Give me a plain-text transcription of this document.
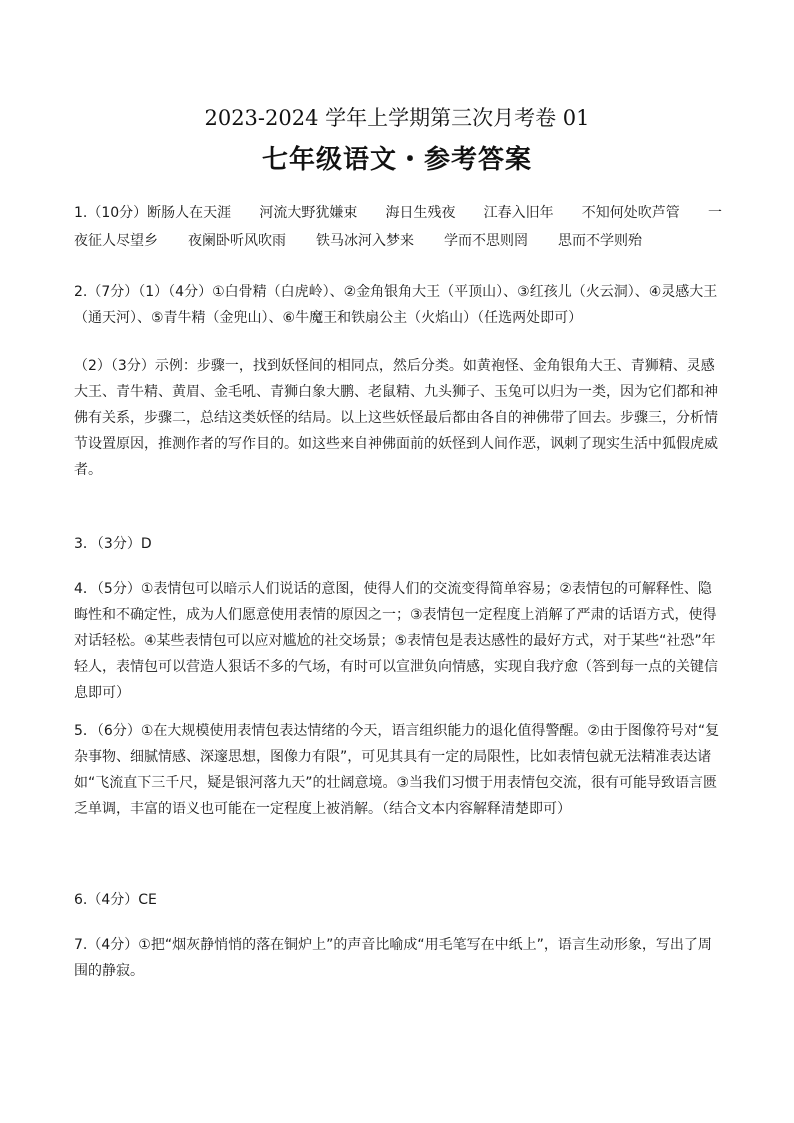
2023-2024 学年上学期第三次月考卷 01
七年级语文・参考答案
1.（10分）断肠人在天涯 河流大野犹嫌束 海日生残夜 江春入旧年 不知何处吹芦管 一
夜征人尽望乡 夜阑卧听风吹雨 铁马冰河入梦来 学而不思则罔 思而不学则殆

2.（7分）（1）（4分）①白骨精（白虎岭）、②金角银角大王（平顶山）、③红孩儿（火云洞）、④灵感大王（通天河）、⑤青牛精（金兜山）、⑥牛魔王和铁扇公主（火焰山）（任选两处即可）

（2）（3分）示例：步骤一，找到妖怪间的相同点，然后分类。如黄袍怪、金角银角大王、青狮精、灵感大王、青牛精、黄眉、金毛吼、青狮白象大鹏、老鼠精、九头狮子、玉兔可以归为一类，因为它们都和神佛有关系，步骤二，总结这类妖怪的结局。以上这些妖怪最后都由各自的神佛带了回去。步骤三，分析情节设置原因，推测作者的写作目的。如这些来自神佛面前的妖怪到人间作恶，讽刺了现实生活中狐假虎威者。

3．（3分）D

4．（5分）①表情包可以暗示人们说话的意图，使得人们的交流变得简单容易；②表情包的可解释性、隐晦性和不确定性，成为人们愿意使用表情的原因之一；③表情包一定程度上消解了严肃的话语方式，使得对话轻松。④某些表情包可以应对尴尬的社交场景；⑤表情包是表达感性的最好方式，对于某些“社恐”年轻人，表情包可以营造人狠话不多的气场，有时可以宣泄负向情感，实现自我疗愈（答到每一点的关键信息即可）

5．（6分）①在大规模使用表情包表达情绪的今天，语言组织能力的退化值得警醒。②由于图像符号对“复杂事物、细腻情感、深邃思想，图像力有限”，可见其具有一定的局限性，比如表情包就无法精准表达诸如“飞流直下三千尺，疑是银河落九天”的壮阔意境。③当我们习惯于用表情包交流，很有可能导致语言匮乏单调，丰富的语义也可能在一定程度上被消解。（结合文本内容解释清楚即可）

6.（4分）CE

7.（4分）①把“烟灰静悄悄的落在铜炉上”的声音比喻成“用毛笔写在中纸上”，语言生动形象，写出了周围的静寂。
